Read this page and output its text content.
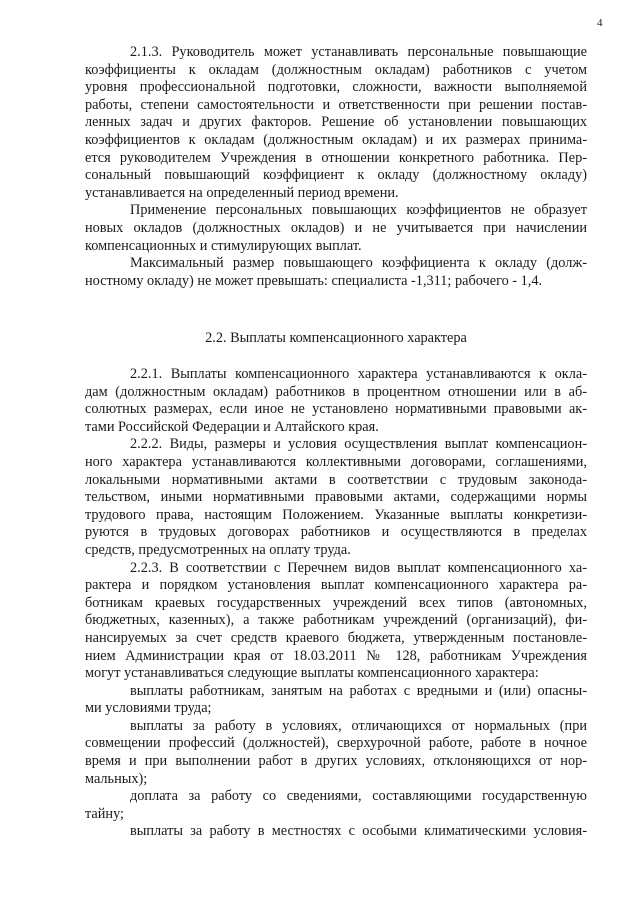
4
2.1.3. Руководитель может устанавливать персональные повышающие
коэффициенты к окладам (должностным окладам) работников с учетом
уровня профессиональной подготовки, сложности, важности выполняемой
работы, степени самостоятельности и ответственности при решении постав-
ленных задач и других факторов. Решение об установлении повышающих
коэффициентов к окладам (должностным окладам) и их размерах принима-
ется руководителем Учреждения в отношении конкретного работника. Пер-
сональный повышающий коэффициент к окладу (должностному окладу)
устанавливается на определенный период времени.
Применение персональных повышающих коэффициентов не образует
новых окладов (должностных окладов) и не учитывается при начислении
компенсационных и стимулирующих выплат.
Максимальный размер повышающего коэффициента к окладу (долж-
ностному окладу) не может превышать: специалиста -1,311; рабочего - 1,4.
2.2. Выплаты компенсационного характера
2.2.1. Выплаты компенсационного характера устанавливаются к окла-
дам (должностным окладам) работников в процентном отношении или в аб-
солютных размерах, если иное не установлено нормативными правовыми ак-
тами Российской Федерации и Алтайского края.
2.2.2. Виды, размеры и условия осуществления выплат компенсацион-
ного характера устанавливаются коллективными договорами, соглашениями,
локальными нормативными актами в соответствии с трудовым законода-
тельством, иными нормативными правовыми актами, содержащими нормы
трудового права, настоящим Положением. Указанные выплаты конкретизи-
руются в трудовых договорах работников и осуществляются в пределах
средств, предусмотренных на оплату труда.
2.2.3. В соответствии с Перечнем видов выплат компенсационного ха-
рактера и порядком установления выплат компенсационного характера ра-
ботникам краевых государственных учреждений всех типов (автономных,
бюджетных, казенных), а также работникам учреждений (организаций), фи-
нансируемых за счет средств краевого бюджета, утвержденным постановле-
нием Администрации края от 18.03.2011 № 128, работникам Учреждения
могут устанавливаться следующие выплаты компенсационного характера:
выплаты работникам, занятым на работах с вредными и (или) опасны-
ми условиями труда;
выплаты за работу в условиях, отличающихся от нормальных (при
совмещении профессий (должностей), сверхурочной работе, работе в ночное
время и при выполнении работ в других условиях, отклоняющихся от нор-
мальных);
доплата за работу со сведениями, составляющими государственную
тайну;
выплаты за работу в местностях с особыми климатическими условия-
